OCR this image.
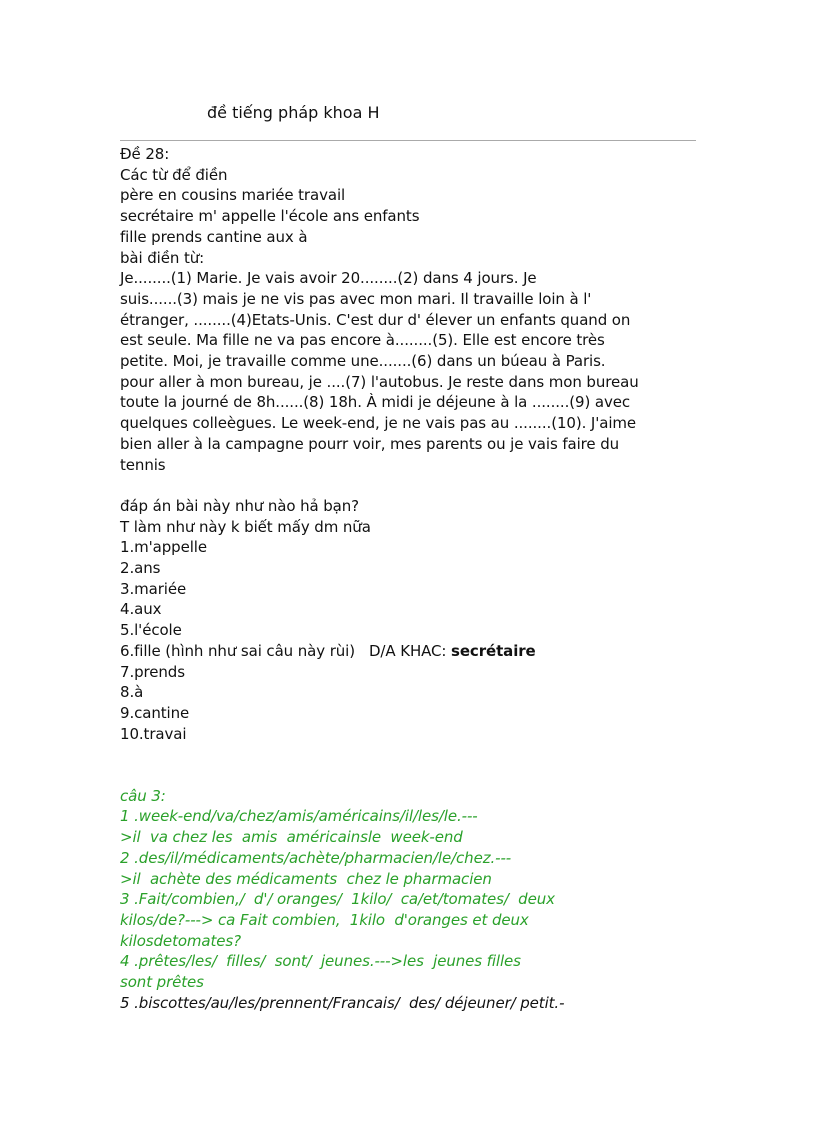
đề tiếng pháp khoa H
Đề 28:
Các từ để điền
père en cousins mariée travail
secrétaire m' appelle l'école ans enfants
fille prends cantine aux à
bài điền từ:
Je........(1) Marie. Je vais avoir 20........(2) dans 4 jours. Je
suis......(3) mais je ne vis pas avec mon mari. Il travaille loin à l'
étranger, ........(4)Etats-Unis. C'est dur d' élever un enfants quand on
est seule. Ma fille ne va pas encore à........(5). Elle est encore très
petite. Moi, je travaille comme une.......(6) dans un búeau à Paris.
pour aller à mon bureau, je ....(7) l'autobus. Je reste dans mon bureau
toute la journé de 8h......(8) 18h. À midi je déjeune à la ........(9) avec
quelques colleègues. Le week-end, je ne vais pas au ........(10). J'aime
bien aller à la campagne pourr voir, mes parents ou je vais faire du
tennis
đáp án bài này như nào hả bạn?
T làm như này k biết mấy dm nữa
1.m'appelle
2.ans
3.mariée
4.aux
5.l'école
6.fille (hình như sai câu này rùi)   D/A KHAC: secrétaire
7.prends
8.à
9.cantine
10.travai
câu 3:
1 .week-end/va/chez/amis/américains/il/les/le.---
>il  va chez les  amis  américainsle  week-end
2 .des/il/médicaments/achète/pharmacien/le/chez.---
>il  achète des médicaments  chez le pharmacien
3 .Fait/combien,/  d'/ oranges/  1kilo/  ca/et/tomates/  deux
kilos/de?---> ca Fait combien,  1kilo  d'oranges et deux
kilosdetomates?
4 .prêtes/les/  filles/  sont/  jeunes.--->les  jeunes filles
sont prêtes
5 .biscottes/au/les/prennent/Francais/  des/ déjeuner/ petit.-
